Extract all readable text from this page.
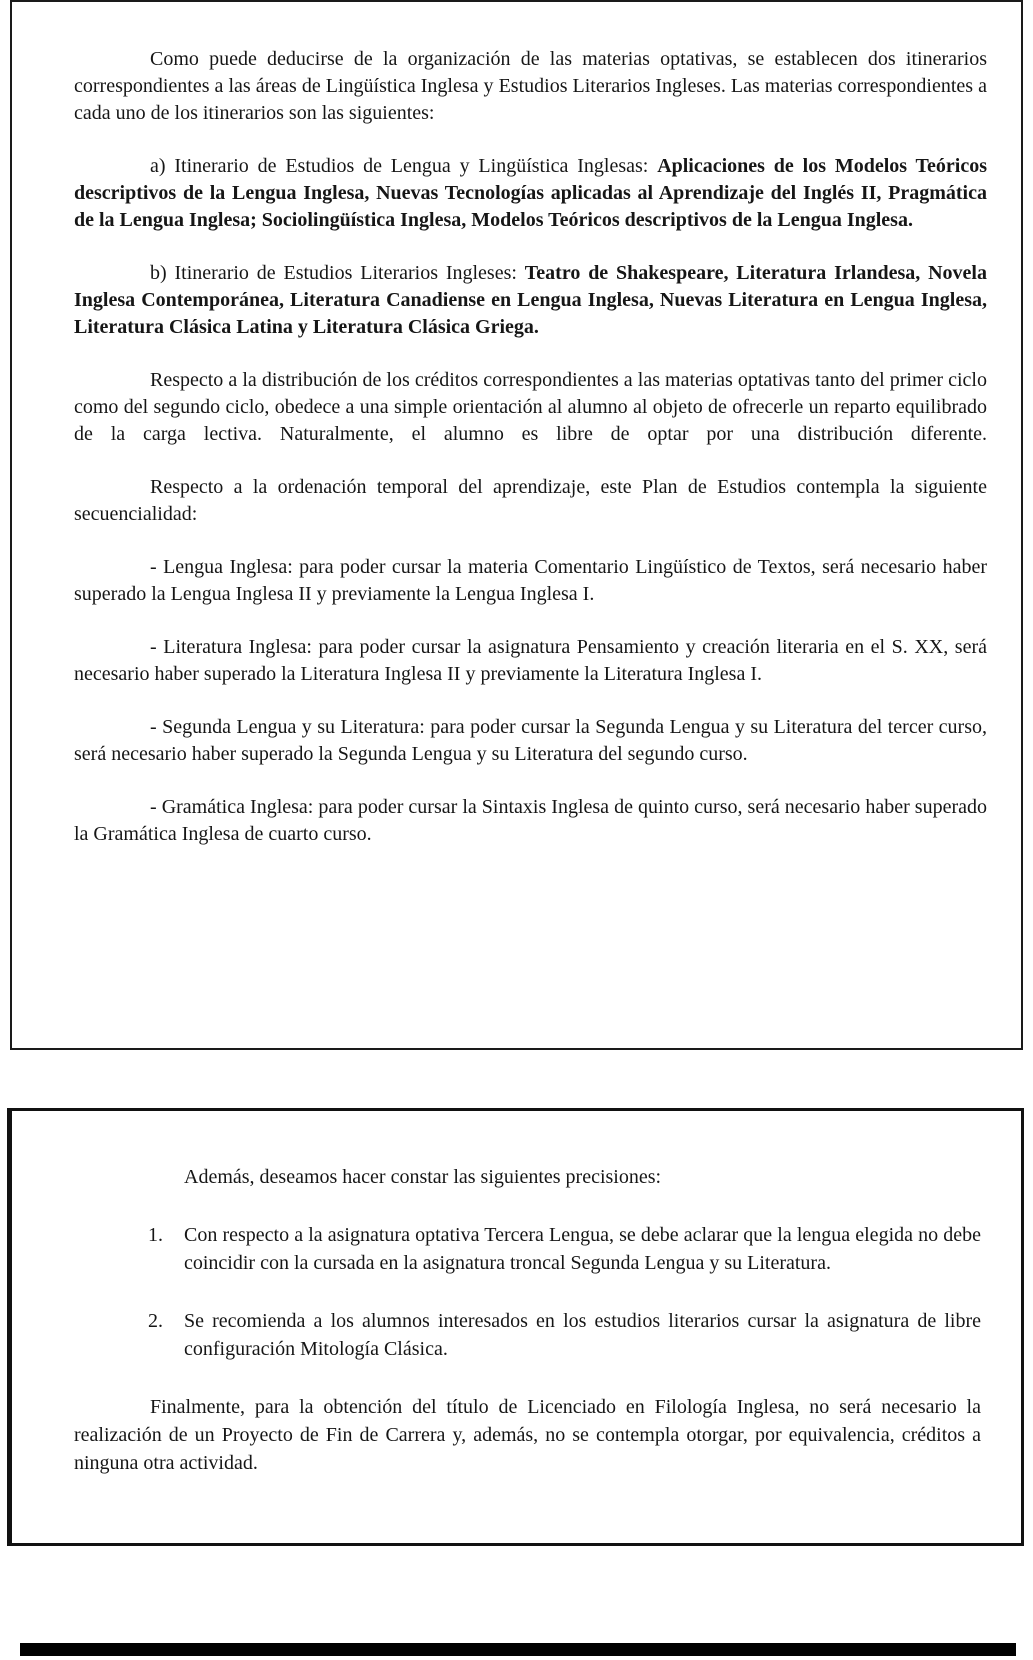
Como puede deducirse de la organización de las materias optativas, se establecen dos itinerarios correspondientes a las áreas de Lingüística Inglesa y Estudios Literarios Ingleses. Las materias correspondientes a cada uno de los itinerarios son las siguientes:

a) Itinerario de Estudios de Lengua y Lingüística Inglesas: Aplicaciones de los Modelos Teóricos descriptivos de la Lengua Inglesa, Nuevas Tecnologías aplicadas al Aprendizaje del Inglés II, Pragmática de la Lengua Inglesa; Sociolingüística Inglesa, Modelos Teóricos descriptivos de la Lengua Inglesa.

b) Itinerario de Estudios Literarios Ingleses: Teatro de Shakespeare, Literatura Irlandesa, Novela Inglesa Contemporánea, Literatura Canadiense en Lengua Inglesa, Nuevas Literatura en Lengua Inglesa, Literatura Clásica Latina y Literatura Clásica Griega.

Respecto a la distribución de los créditos correspondientes a las materias optativas tanto del primer ciclo como del segundo ciclo, obedece a una simple orientación al alumno al objeto de ofrecerle un reparto equilibrado de la carga lectiva. Naturalmente, el alumno es libre de optar por una distribución diferente.

Respecto a la ordenación temporal del aprendizaje, este Plan de Estudios contempla la siguiente secuencialidad:

- Lengua Inglesa: para poder cursar la materia Comentario Lingüístico de Textos, será necesario haber superado la Lengua Inglesa II y previamente la Lengua Inglesa I.

- Literatura Inglesa: para poder cursar la asignatura Pensamiento y creación literaria en el S. XX, será necesario haber superado la Literatura Inglesa II y previamente la Literatura Inglesa I.

- Segunda Lengua y su Literatura: para poder cursar la Segunda Lengua y su Literatura del tercer curso, será necesario haber superado la Segunda Lengua y su Literatura del segundo curso.

- Gramática Inglesa: para poder cursar la Sintaxis Inglesa de quinto curso, será necesario haber superado la Gramática Inglesa de cuarto curso.

Además, deseamos hacer constar las siguientes precisiones:

1.	Con respecto a la asignatura optativa Tercera Lengua, se debe aclarar que la lengua elegida no debe coincidir con la cursada en la asignatura troncal Segunda Lengua y su Literatura.

2.	Se recomienda a los alumnos interesados en los estudios literarios cursar la asignatura de libre configuración Mitología Clásica.

Finalmente, para la obtención del título de Licenciado en Filología Inglesa, no será necesario la realización de un Proyecto de Fin de Carrera y, además, no se contempla otorgar, por equivalencia, créditos a ninguna otra actividad.
